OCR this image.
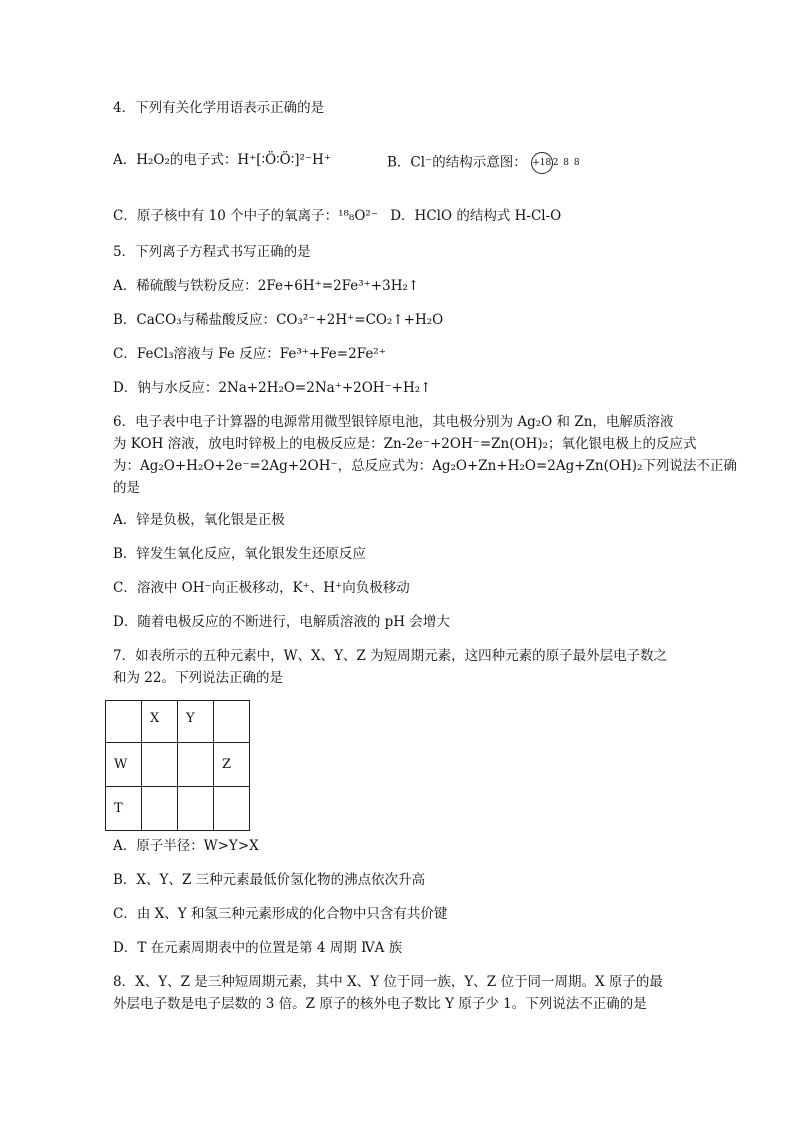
4．下列有关化学用语表示正确的是
A．H₂O₂的电子式：H⁺[∶Ö∶Ö∶]²⁻H⁺	B．Cl⁻的结构示意图： +18 2 8 8
C．原子核中有 10 个中子的氧离子：¹⁸₈O²⁻ D．HClO 的结构式 H-Cl-O
5．下列离子方程式书写正确的是
A．稀硫酸与铁粉反应：2Fe+6H⁺=2Fe³⁺+3H₂↑
B．CaCO₃与稀盐酸反应：CO₃²⁻+2H⁺=CO₂↑+H₂O
C．FeCl₃溶液与 Fe 反应：Fe³⁺+Fe=2Fe²⁺
D．钠与水反应：2Na+2H₂O=2Na⁺+2OH⁻+H₂↑
6．电子表中电子计算器的电源常用微型银锌原电池，其电极分别为 Ag₂O 和 Zn，电解质溶液
为 KOH 溶液，放电时锌极上的电极反应是：Zn-2e⁻+2OH⁻=Zn(OH)₂；氧化银电极上的反应式
为：Ag₂O+H₂O+2e⁻=2Ag+2OH⁻，总反应式为：Ag₂O+Zn+H₂O=2Ag+Zn(OH)₂下列说法不正确
的是
A．锌是负极，氧化银是正极
B．锌发生氧化反应，氧化银发生还原反应
C．溶液中 OH⁻向正极移动，K⁺、H⁺向负极移动
D．随着电极反应的不断进行，电解质溶液的 pH 会增大
7．如表所示的五种元素中，W、X、Y、Z 为短周期元素，这四种元素的原子最外层电子数之
和为 22。下列说法正确的是
	X	Y	
W			Z
T			
A．原子半径：W>Y>X
B．X、Y、Z 三种元素最低价氢化物的沸点依次升高
C．由 X、Y 和氢三种元素形成的化合物中只含有共价键
D．T 在元素周期表中的位置是第 4 周期 ⅣA 族
8．X、Y、Z 是三种短周期元素，其中 X、Y 位于同一族，Y、Z 位于同一周期。X 原子的最
外层电子数是电子层数的 3 倍。Z 原子的核外电子数比 Y 原子少 1。下列说法不正确的是
